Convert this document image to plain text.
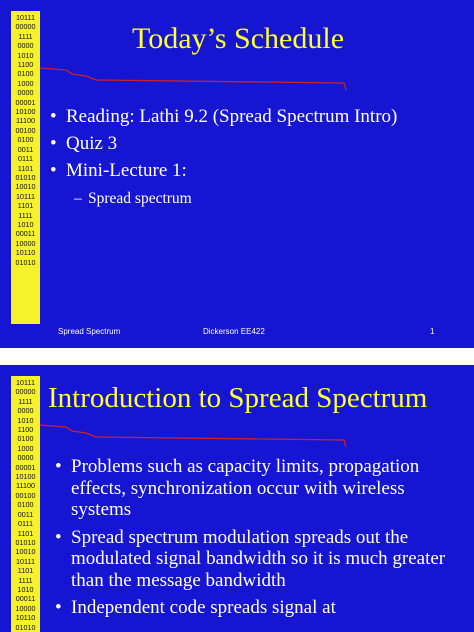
10111
00000
1111
0000
1010
1100
0100
1000
0000
00001
10100
11100
00100
0100
0011
0111
1101
01010
10010
10111
1101
1111
1010
00011
10000
10110
01010
Today’s Schedule
• Reading: Lathi 9.2 (Spread Spectrum Intro)
• Quiz 3
• Mini-Lecture 1:
– Spread spectrum
Spread Spectrum	Dickerson EE422	1
10111
00000
1111
0000
1010
1100
0100
1000
0000
00001
10100
11100
00100
0100
0011
0111
1101
01010
10010
10111
1101
1111
1010
00011
10000
10110
01010
Introduction to Spread Spectrum
• Problems such as capacity limits, propagation effects, synchronization occur with wireless systems
• Spread spectrum modulation spreads out the modulated signal bandwidth so it is much greater than the message bandwidth
• Independent code spreads signal at
